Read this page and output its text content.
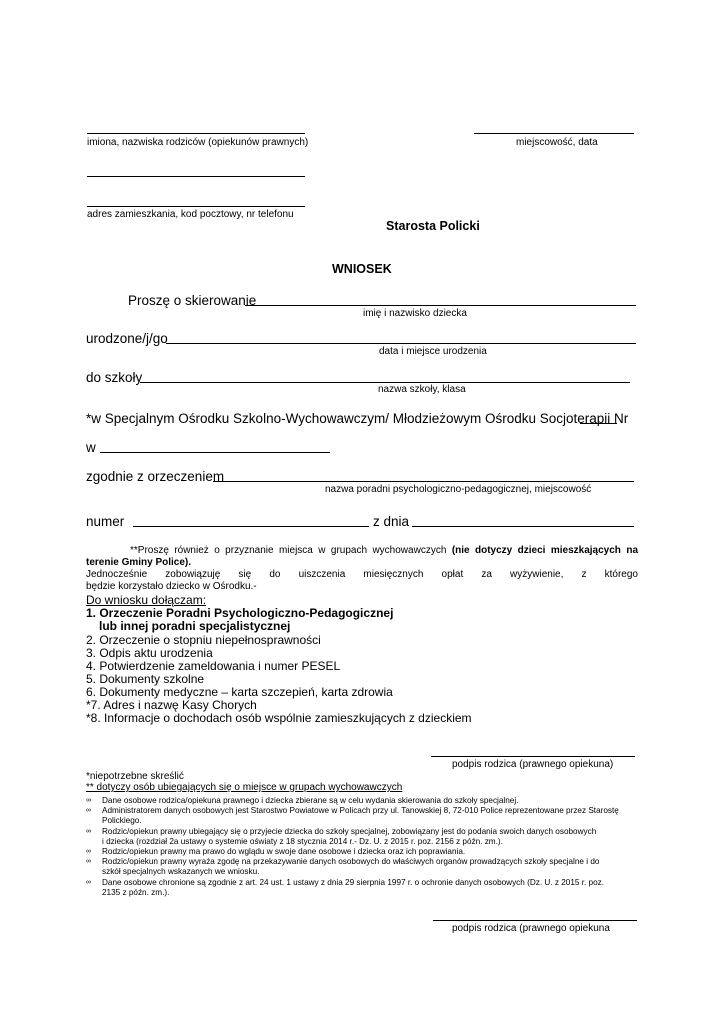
imiona, nazwiska rodziców (opiekunów prawnych)	miejscowość, data
adres zamieszkania, kod pocztowy, nr telefonu
Starosta Policki
WNIOSEK
Proszę o skierowanie
imię i nazwisko dziecka
urodzone/j/go
data i miejsce urodzenia
do szkoły
nazwa szkoły, klasa
*w Specjalnym Ośrodku Szkolno-Wychowawczym/ Młodzieżowym Ośrodku Socjoterapii Nr
w
zgodnie z orzeczeniem
nazwa poradni psychologiczno-pedagogicznej, miejscowość
numer	z dnia
**Proszę również o przyznanie miejsca w grupach wychowawczych (nie dotyczy dzieci mieszkających na
terenie Gminy Police).
Jednocześnie zobowiązuję się do uiszczenia miesięcznych opłat za wyżywienie, z którego
będzie korzystało dziecko w Ośrodku.-
Do wniosku dołączam:
1. Orzeczenie Poradni Psychologiczno-Pedagogicznej
lub innej poradni specjalistycznej
2. Orzeczenie o stopniu niepełnosprawności
3. Odpis aktu urodzenia
4. Potwierdzenie zameldowania i numer PESEL
5. Dokumenty szkolne
6. Dokumenty medyczne – karta szczepień, karta zdrowia
*7. Adres i nazwę Kasy Chorych
*8. Informacje o dochodach osób wspólnie zamieszkujących z dzieckiem
podpis rodzica (prawnego opiekuna)
*niepotrzebne skreślić
** dotyczy osób ubiegających się o miejsce w grupach wychowawczych
∞	Dane osobowe rodzica/opiekuna prawnego i dziecka zbierane są w celu wydania skierowania do szkoły specjalnej.
∞	Administratorem danych osobowych jest Starostwo Powiatowe w Policach przy ul. Tanowskiej 8, 72-010 Police reprezentowane przez Starostę
Polickiego.
∞	Rodzic/opiekun prawny ubiegający się o przyjecie dziecka do szkoły specjalnej, zobowiązany jest do podania swoich danych osobowych
i dziecka (rozdział 2a ustawy o systemie oświaty z 18 stycznia 2014 r.- Dz. U. z 2015 r. poz. 2156 z późn. zm.).
∞	Rodzic/opiekun prawny ma prawo do wglądu w swoje dane osobowe i dziecka oraz ich poprawiania.
∞	Rodzic/opiekun prawny wyraża zgodę na przekazywanie danych osobowych do właściwych organów prowadzących szkoły specjalne i do
szkół specjalnych wskazanych we wniosku.
∞	Dane osobowe chronione są zgodnie z art. 24 ust. 1 ustawy z dnia 29 sierpnia 1997 r. o ochronie danych osobowych (Dz. U. z 2015 r. poz.
2135 z późn. zm.).
podpis rodzica (prawnego opiekuna
